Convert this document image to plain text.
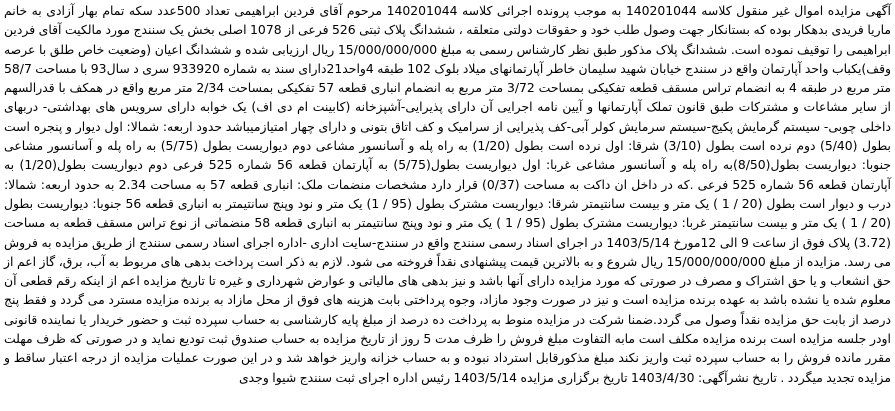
آگهی مزایده اموال غیر منقول کلاسه 140201044 به موجب پرونده اجرائی کلاسه 140201044 مرحوم آقای فردین ابراهیمی تعداد 500عدد سکه تمام بهار آزادی به خانم ماریا فریدی بدهکار بوده که بستانکار جهت وصول طلب خود و حقوقات دولتی متعلقه ، ششدانگ پلاک ثبتی 526 فرعی از 1078 اصلی بخش یک سنندج مورد مالکیت آقای فردین ابراهیمی را توقیف نموده است. ششدانگ پلاک مذکور طبق نظر کارشناس رسمی به مبلغ 15/000/000/000 ریال ارزیابی شده و ششدانگ اعیان (وضعیت خاص طلق با عرصه وقف)یکباب واحد آپارتمان واقع در سنندج خیابان شهید سلیمان خاطر آپارتمانهای میلاد بلوک 102 طبقه 4واحد21دارای سند به شماره 933920 سری د سال93 با مساحت 58/7 متر مربع در طبقه 4 به انضمام تراس مسقف قطعه تفکیکی بمساحت 3/72 متر مربع به انضمام انباری قطعه 57 تفکیکی بمساحت 2/34 متر مربع واقع در همکف با قدرالسهم از سایر مشاعات و مشترکات طبق قانون تملک آپارتمانها و آیین نامه اجرایی آن دارای پذیرایی-آشپزخانه (کابینت ام دی اف) یک خوابه دارای سرویس های بهداشتی- دربهای داخلی چوبی- سیستم گرمایش پکیج-سیستم سرمایش کولر آبی-کف پذیرایی از سرامیک و کف اتاق بتونی و دارای چهار امتیازمیباشد حدود اربعه: شمالا: اول دیوار و پنجره است بطول (5/40) دوم نرده است بطول (3/10) شرقا: اول نرده است بطول (1/20) به راه پله و آسانسور مشاعی دوم دیواریست بطول (5/75) به راه پله و آسانسور مشاعی جنوبا: دیواریست بطول(8/50)به راه پله و آسانسور مشاعی غربا: اول دیواریست بطول(5/75) به آپارتمان قطعه 56 شماره 525 فرعی دوم دیواریست بطول(1/20) به آپارتمان قطعه 56 شماره 525 فرعی .که در داخل ان داکت به مساحت (0/37) قرار دارد مشخصات منضمات ملک: انباری قطعه 57 به مساحت 2.34 به حدود اربعه: شمالا: درب و دیوار است بطول (20 / 1 ) یک متر و بیست سانتیمتر شرقا: دیواریست مشترک بطول (95 / 1) یک متر و نود وپنج سانتیمتر به انباری قطعه 56 جنوبا: دیواریست بطول (20 / 1 ) یک متر و بیست سانتیمتر غربا: دیواریست مشترک بطول (95 / 1 ) یک متر و نود وپنج سانتیمتر به انباری قطعه 58 منضماتی از نوع تراس مسقف قطعه به مساحت (3.72) پلاک فوق از ساعت 9 الی 12مورخ 1403/5/14 در اجرای اسناد رسمی سنندج واقع در سنندج-سایت اداری -اداره اجرای اسناد رسمی سنندج از طریق مزایده به فروش می رسد. مزایده از مبلغ 15/000/000/000 ریال شروع و به بالاترین قیمت پیشنهادی نقداً فروخته می شود. لازم به ذکر است پرداخت بدهی های مربوط به آب، برق، گاز اعم از حق انشعاب و یا حق اشتراک و مصرف در صورتی که مورد مزایده دارای آنها باشد و نیز بدهی های مالیاتی و عوارض شهرداری و غیره تا تاریخ مزایده اعم از اینکه رقم قطعی آن معلوم شده یا نشده باشد به عهده برنده مزایده است و نیز در صورت وجود مازاد، وجوه پرداختی بابت هزینه های فوق از محل مازاد به برنده مزایده مسترد می گردد و فقط پنج درصد از بابت حق مزایده نقداً وصول می گردد.ضمنا شرکت در مزایده منوط به پرداخت ده درصد از مبلغ پایه کارشناسی به حساب سپرده ثبت و حضور خریدار یا نماینده قانونی اودر جلسه مزایده است برنده مزایده مکلف است مابه التفاوت مبلغ فروش را ظرف مدت 5 روز از تاریخ مزایده به حساب صندوق ثبت تودیع نماید و در صورتی که ظرف مهلت مقرر مانده فروش را به حساب سپرده ثبت واریز نکند مبلغ مذکورقابل استرداد نبوده و به حساب خزانه واریز خواهد شد و در این صورت عملیات مزایده از درجه اعتبار ساقط و مزایده تجدید میگردد . تاریخ نشرآگهی: 1403/4/30 تاریخ برگزاری مزایده 1403/5/14 رئیس اداره اجرای ثبت سنندج شیوا وجدی
